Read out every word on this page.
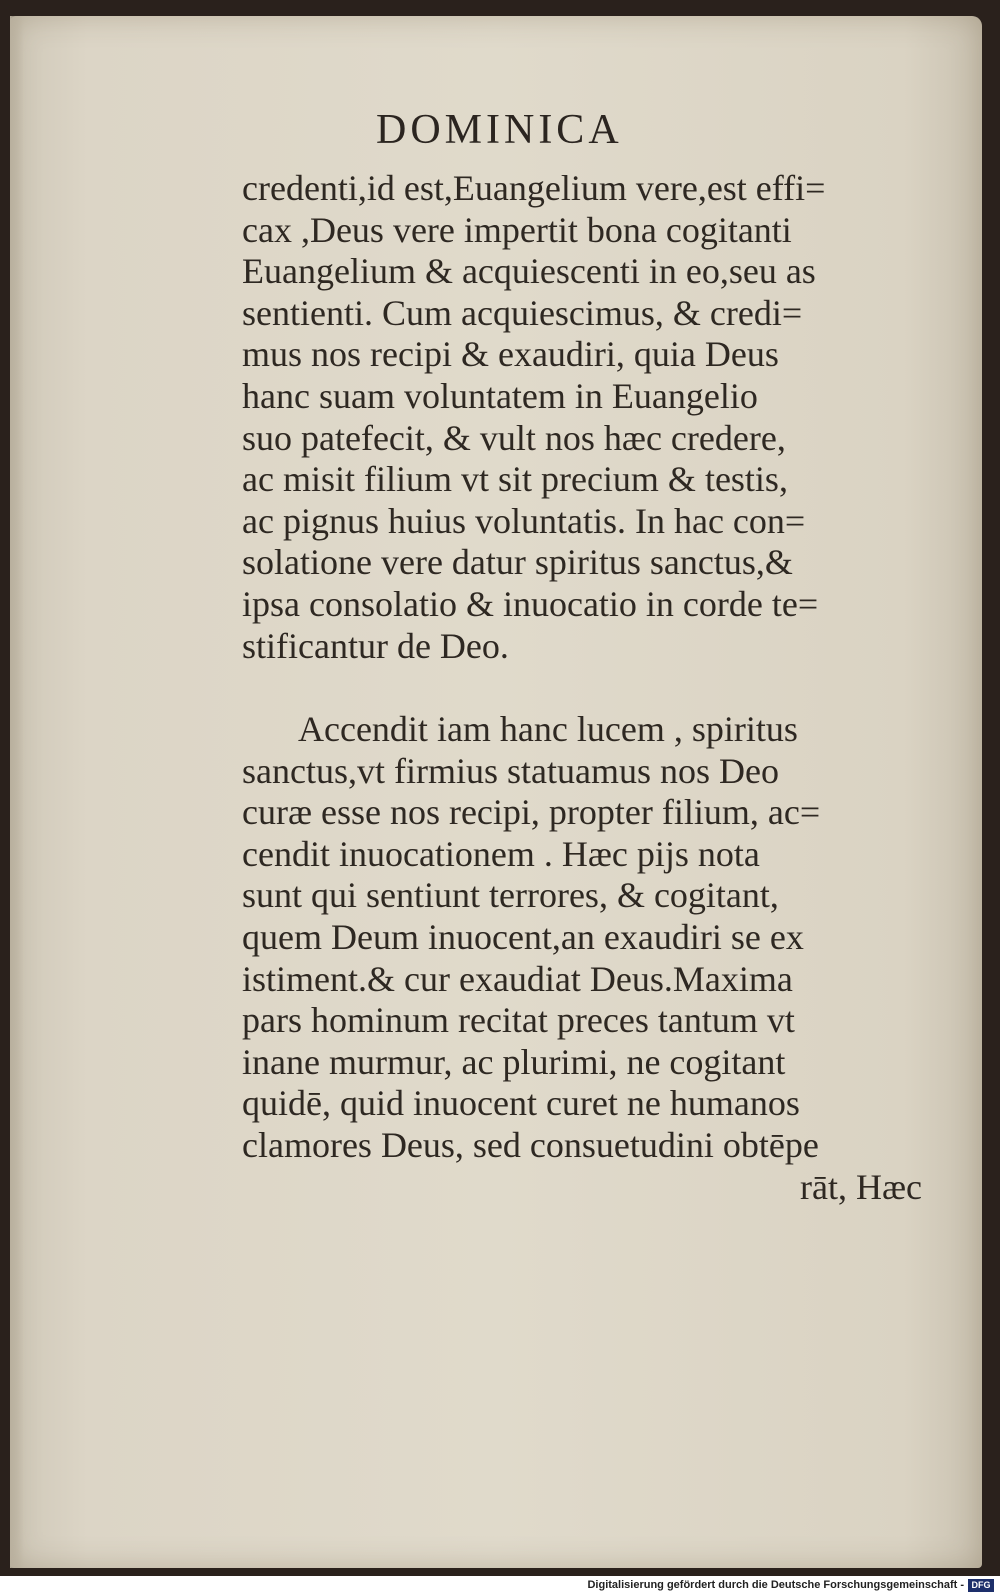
DOMINICA
credenti,id est,Euangelium vere,est effi=
cax ,Deus vere impertit bona cogitanti
Euangelium & acquiescenti in eo,seu as
sentienti. Cum acquiescimus, & credi=
mus nos recipi & exaudiri, quia Deus
hanc suam voluntatem in Euangelio
suo patefecit, & vult nos hæc credere,
ac misit filium vt sit precium & testis,
ac pignus huius voluntatis. In hac con=
solatione vere datur spiritus sanctus,&
ipsa consolatio & inuocatio in corde te=
stificantur de Deo.
Accendit iam hanc lucem , spiritus
sanctus,vt firmius statuamus nos Deo
curæ esse nos recipi, propter filium, ac=
cendit inuocationem . Hæc pijs nota
sunt qui sentiunt terrores, & cogitant,
quem Deum inuocent,an exaudiri se ex
istiment.& cur exaudiat Deus.Maxima
pars hominum recitat preces tantum vt
inane murmur, ac plurimi, ne cogitant
quidē, quid inuocent curet ne humanos
clamores Deus, sed consuetudini obtēpe
rāt, Hæc
Digitalisierung gefördert durch die Deutsche Forschungsgemeinschaft - DFG
